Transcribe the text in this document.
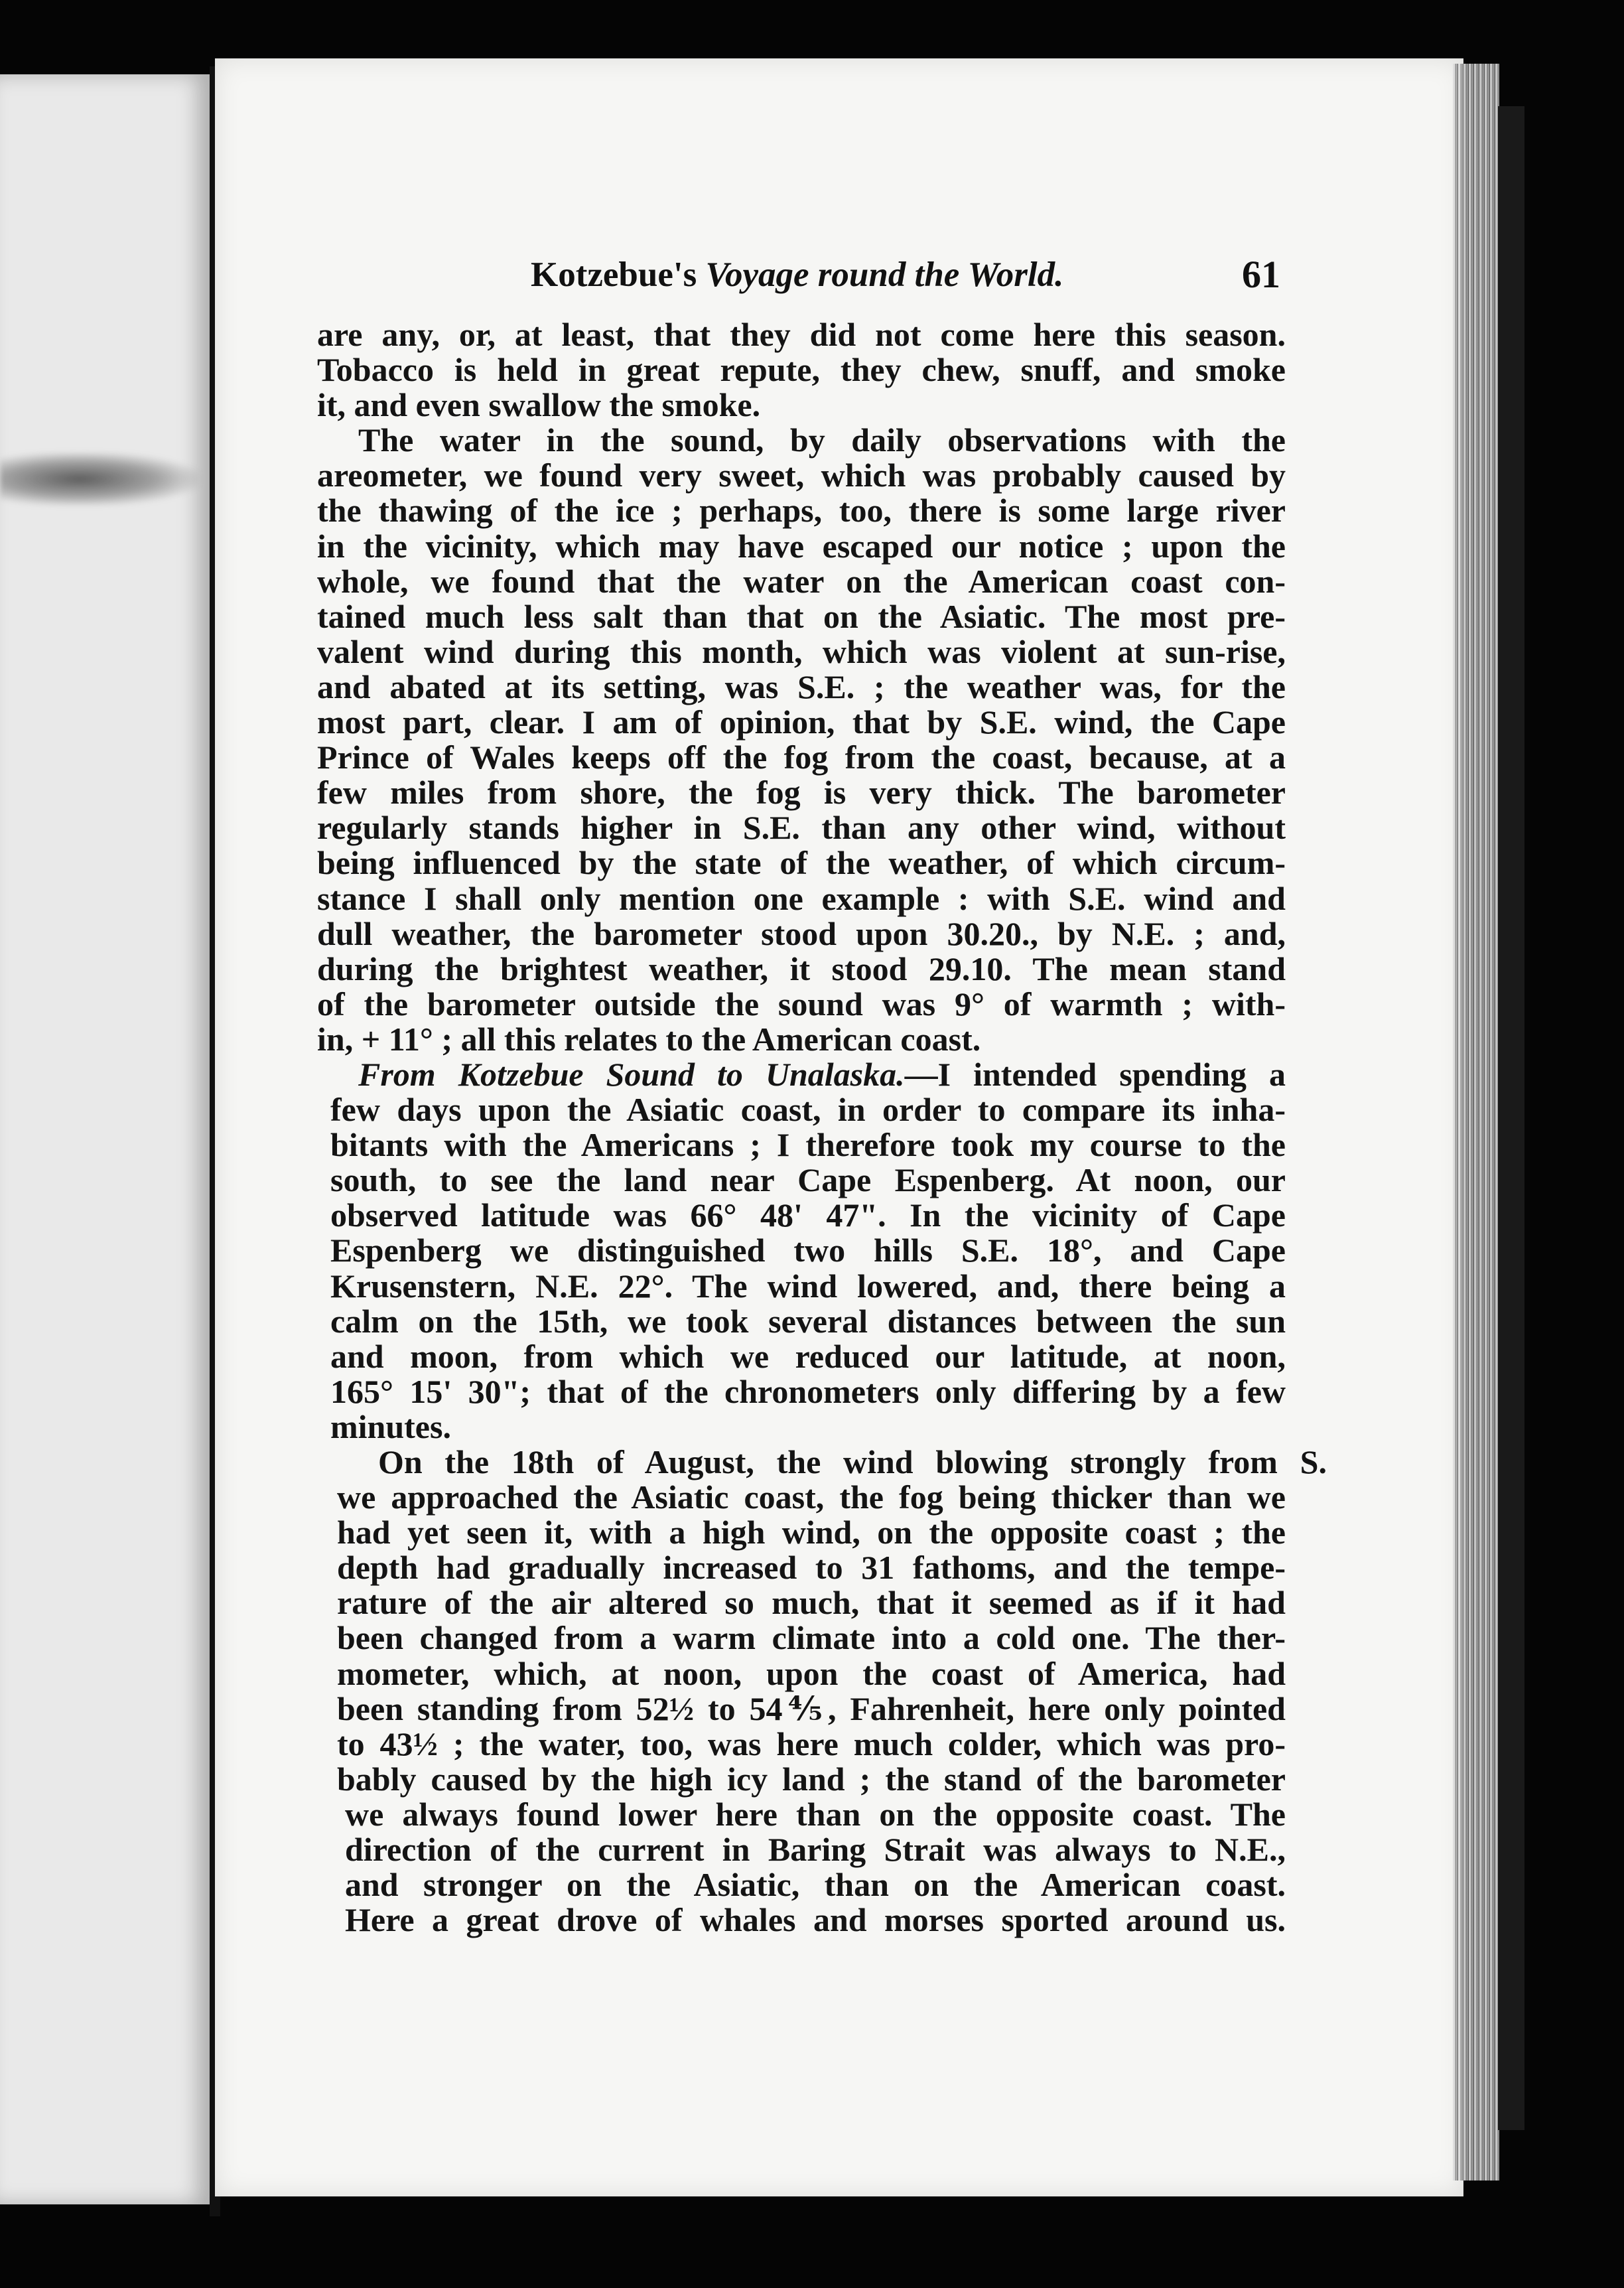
Kotzebue's Voyage round the World.	61
are any, or, at least, that they did not come here this season.
Tobacco is held in great repute, they chew, snuff, and smoke
it, and even swallow the smoke.
The water in the sound, by daily observations with the
areometer, we found very sweet, which was probably caused by
the thawing of the ice ; perhaps, too, there is some large river
in the vicinity, which may have escaped our notice ; upon the
whole, we found that the water on the American coast con-
tained much less salt than that on the Asiatic. The most pre-
valent wind during this month, which was violent at sun-rise,
and abated at its setting, was S.E. ; the weather was, for the
most part, clear. I am of opinion, that by S.E. wind, the Cape
Prince of Wales keeps off the fog from the coast, because, at a
few miles from shore, the fog is very thick. The barometer
regularly stands higher in S.E. than any other wind, without
being influenced by the state of the weather, of which circum-
stance I shall only mention one example : with S.E. wind and
dull weather, the barometer stood upon 30.20., by N.E. ; and,
during the brightest weather, it stood 29.10. The mean stand
of the barometer outside the sound was 9° of warmth ; with-
in, + 11° ; all this relates to the American coast.
From Kotzebue Sound to Unalaska.—I intended spending a
few days upon the Asiatic coast, in order to compare its inha-
bitants with the Americans ; I therefore took my course to the
south, to see the land near Cape Espenberg. At noon, our
observed latitude was 66° 48' 47". In the vicinity of Cape
Espenberg we distinguished two hills S.E. 18°, and Cape
Krusenstern, N.E. 22°. The wind lowered, and, there being a
calm on the 15th, we took several distances between the sun
and moon, from which we reduced our latitude, at noon,
165° 15' 30"; that of the chronometers only differing by a few
minutes.
On the 18th of August, the wind blowing strongly from S.
we approached the Asiatic coast, the fog being thicker than we
had yet seen it, with a high wind, on the opposite coast ; the
depth had gradually increased to 31 fathoms, and the tempe-
rature of the air altered so much, that it seemed as if it had
been changed from a warm climate into a cold one. The ther-
mometer, which, at noon, upon the coast of America, had
been standing from 52½ to 54⅘, Fahrenheit, here only pointed
to 43½ ; the water, too, was here much colder, which was pro-
bably caused by the high icy land ; the stand of the barometer
we always found lower here than on the opposite coast. The
direction of the current in Baring Strait was always to N.E.,
and stronger on the Asiatic, than on the American coast.
Here a great drove of whales and morses sported around us.
